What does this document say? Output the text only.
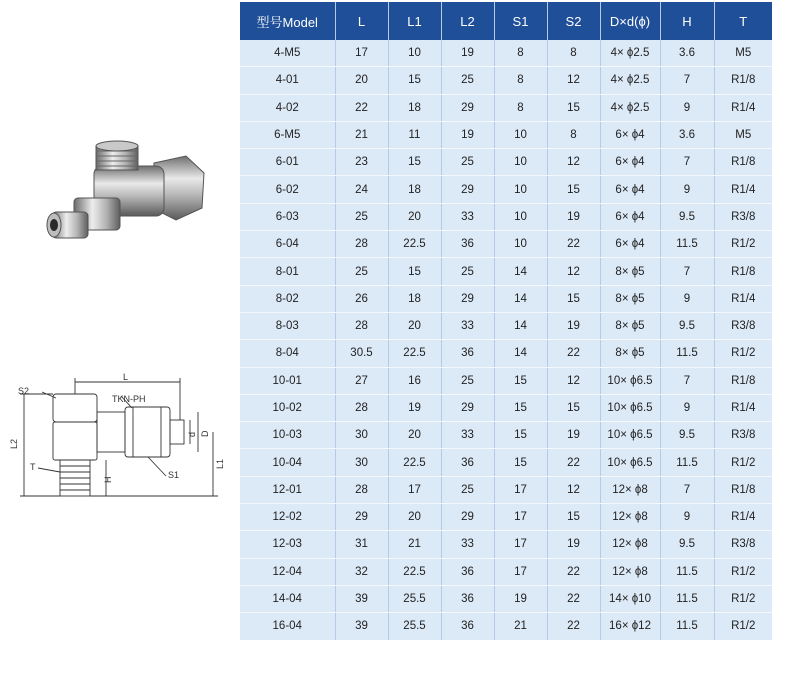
S2
L
L2
T
H	S1
TKN-PH
d D
L1
型号Model	L	L1	L2	S1	S2	D×d(ϕ)	H	T
4-M5	17	10	19	8	8	4× ϕ2.5	3.6	M5
4-01	20	15	25	8	12	4× ϕ2.5	7	R1/8
4-02	22	18	29	8	15	4× ϕ2.5	9	R1/4
6-M5	21	11	19	10	8	6× ϕ4	3.6	M5
6-01	23	15	25	10	12	6× ϕ4	7	R1/8
6-02	24	18	29	10	15	6× ϕ4	9	R1/4
6-03	25	20	33	10	19	6× ϕ4	9.5	R3/8
6-04	28	22.5	36	10	22	6× ϕ4	11.5	R1/2
8-01	25	15	25	14	12	8× ϕ5	7	R1/8
8-02	26	18	29	14	15	8× ϕ5	9	R1/4
8-03	28	20	33	14	19	8× ϕ5	9.5	R3/8
8-04	30.5	22.5	36	14	22	8× ϕ5	11.5	R1/2
10-01	27	16	25	15	12	10× ϕ6.5	7	R1/8
10-02	28	19	29	15	15	10× ϕ6.5	9	R1/4
10-03	30	20	33	15	19	10× ϕ6.5	9.5	R3/8
10-04	30	22.5	36	15	22	10× ϕ6.5	11.5	R1/2
12-01	28	17	25	17	12	12× ϕ8	7	R1/8
12-02	29	20	29	17	15	12× ϕ8	9	R1/4
12-03	31	21	33	17	19	12× ϕ8	9.5	R3/8
12-04	32	22.5	36	17	22	12× ϕ8	11.5	R1/2
14-04	39	25.5	36	19	22	14× ϕ10	11.5	R1/2
16-04	39	25.5	36	21	22	16× ϕ12	11.5	R1/2
